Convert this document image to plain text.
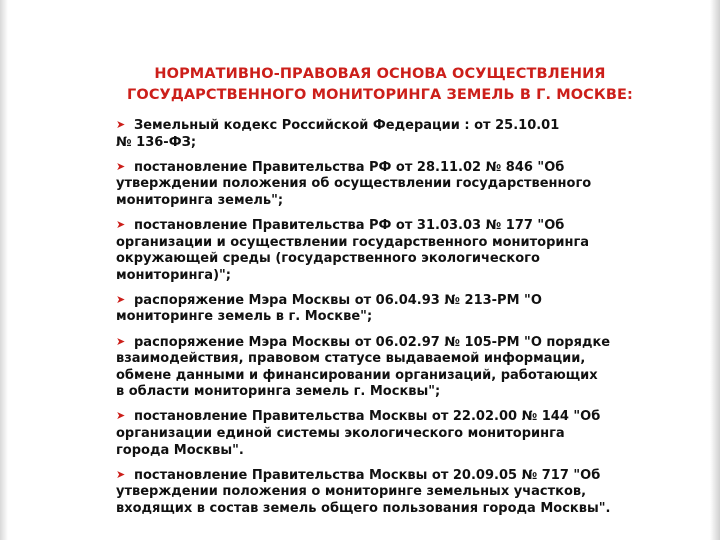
НОРМАТИВНО-ПРАВОВАЯ ОСНОВА ОСУЩЕСТВЛЕНИЯ
ГОСУДАРСТВЕННОГО МОНИТОРИНГА ЗЕМЕЛЬ В Г. МОСКВЕ:
➤ Земельный кодекс Российской Федерации : от 25.10.01
№ 136-ФЗ;
➤ постановление Правительства РФ от 28.11.02 № 846 "Об
утверждении положения об осуществлении государственного
мониторинга земель";
➤ постановление Правительства РФ от 31.03.03 № 177 "Об
организации и осуществлении государственного мониторинга
окружающей среды (государственного экологического
мониторинга)";
➤ распоряжение Мэра Москвы от 06.04.93 № 213-РМ "О
мониторинге земель в г. Москве";
➤ распоряжение Мэра Москвы от 06.02.97 № 105-РМ "О порядке
взаимодействия, правовом статусе выдаваемой информации,
обмене данными и финансировании организаций, работающих
в области мониторинга земель г. Москвы";
➤ постановление Правительства Москвы от 22.02.00 № 144 "Об
организации единой системы экологического мониторинга
города Москвы".
➤ постановление Правительства Москвы от 20.09.05 № 717 "Об
утверждении положения о мониторинге земельных участков,
входящих в состав земель общего пользования города Москвы".
